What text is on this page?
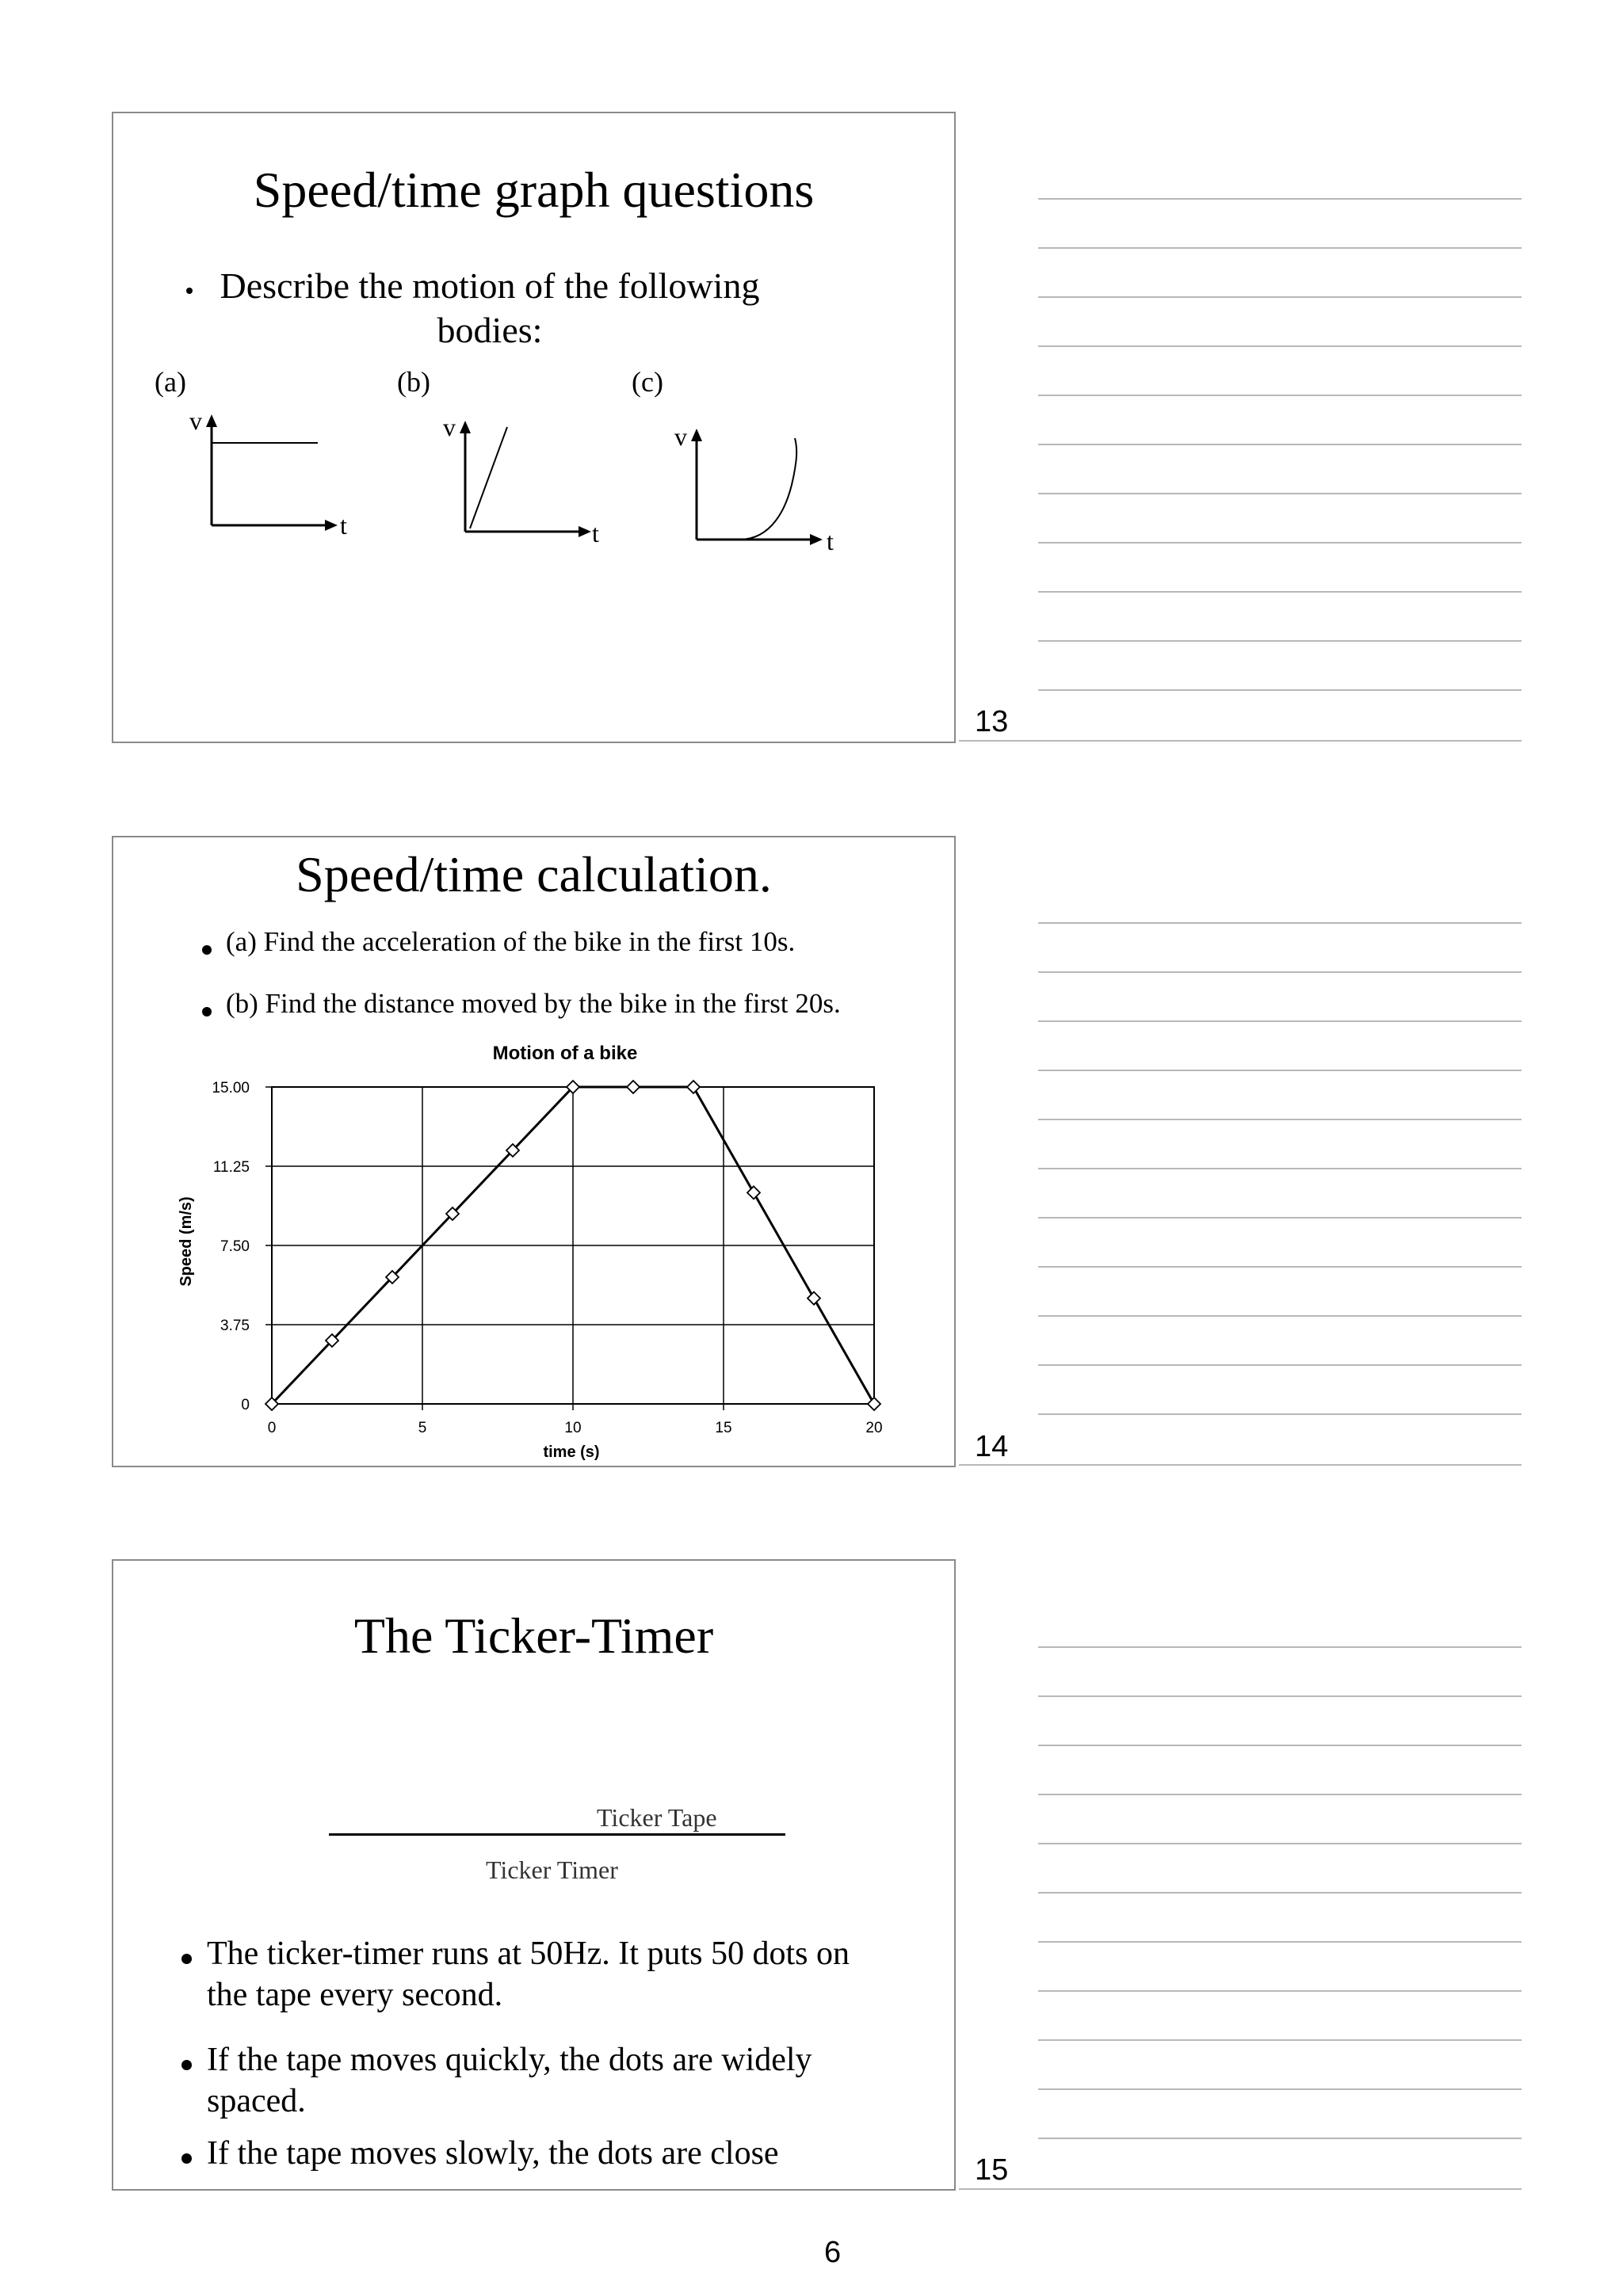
Speed/time graph questions
Describe the motion of the following
bodies:
(a)	(b)	(c)
v
t
v
t
v
t
13
Speed/time calculation.
(a) Find the acceleration of the bike in the first 10s.
(b) Find the distance moved by the bike in the first 20s.
Motion of a bike
Speed (m/s)
time (s)
0	5	10	15	20
0
3.75
7.50
11.25
15.00
14
The Ticker-Timer
Ticker Tape
Ticker Timer
The ticker-timer runs at 50Hz. It puts 50 dots on
the tape every second.
If the tape moves quickly, the dots are widely
spaced.
If the tape moves slowly, the dots are close	15
6
